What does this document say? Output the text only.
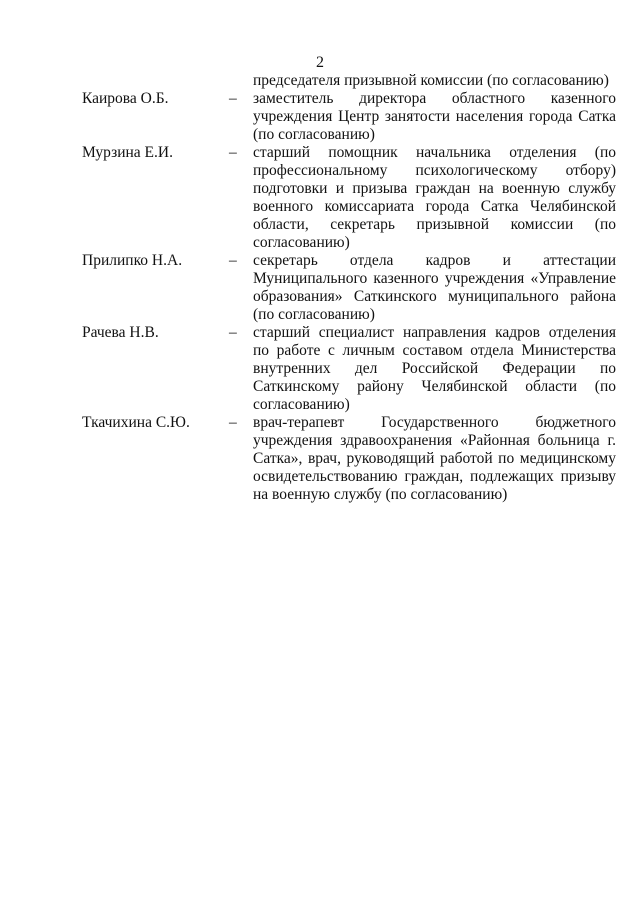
2
председателя призывной комиссии (по согласованию)
Каирова О.Б.	– заместитель директора областного казенного учреждения Центр занятости населения города Сатка (по согласованию)
Мурзина Е.И.	– старший помощник начальника отделения (по профессиональному психологическому отбору) подготовки и призыва граждан на военную службу военного комиссариата города Сатка Челябинской области, секретарь призывной комиссии (по согласованию)
Прилипко Н.А.	– секретарь отдела кадров и аттестации Муниципального казенного учреждения «Управление образования» Саткинского муниципального района (по согласованию)
Рачева Н.В.	– старший специалист направления кадров отделения по работе с личным составом отдела Министерства внутренних дел Российской Федерации по Саткинскому району Челябинской области (по согласованию)
Ткачихина С.Ю.	– врач-терапевт Государственного бюджетного учреждения здравоохранения «Районная больница г. Сатка», врач, руководящий работой по медицинскому освидетельствованию граждан, подлежащих призыву на военную службу (по согласованию)
